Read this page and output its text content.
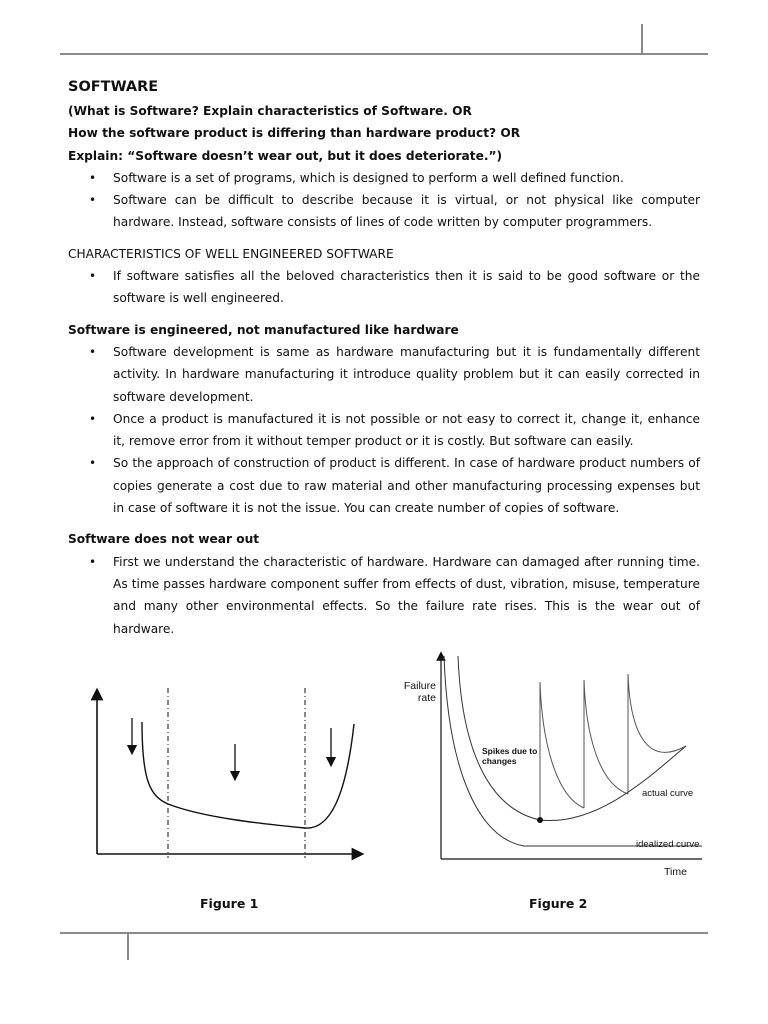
SOFTWARE

(What is Software? Explain characteristics of Software. OR

How the software product is differing than hardware product? OR

Explain: “Software doesn’t wear out, but it does deteriorate.”)

• Software is a set of programs, which is designed to perform a well defined function.
• Software can be difficult to describe because it is virtual, or not physical like computer hardware. Instead, software consists of lines of code written by computer programmers.

CHARACTERISTICS OF WELL ENGINEERED SOFTWARE

• If software satisfies all the beloved characteristics then it is said to be good software or the software is well engineered.

Software is engineered, not manufactured like hardware

• Software development is same as hardware manufacturing but it is fundamentally different activity. In hardware manufacturing it introduce quality problem but it can easily corrected in software development.
• Once a product is manufactured it is not possible or not easy to correct it, change it, enhance it, remove error from it without temper product or it is costly. But software can easily.
• So the approach of construction of product is different. In case of hardware product numbers of copies generate a cost due to raw material and other manufacturing processing expenses but in case of software it is not the issue. You can create number of copies of software.

Software does not wear out

• First we understand the characteristic of hardware. Hardware can damaged after running time. As time passes hardware component suffer from effects of dust, vibration, misuse, temperature and many other environmental effects. So the failure rate rises. This is the wear out of hardware.
Failure
rate
Time
idealized curve
Spikes due to
changes
actual curve
Figure 1	Figure 2
